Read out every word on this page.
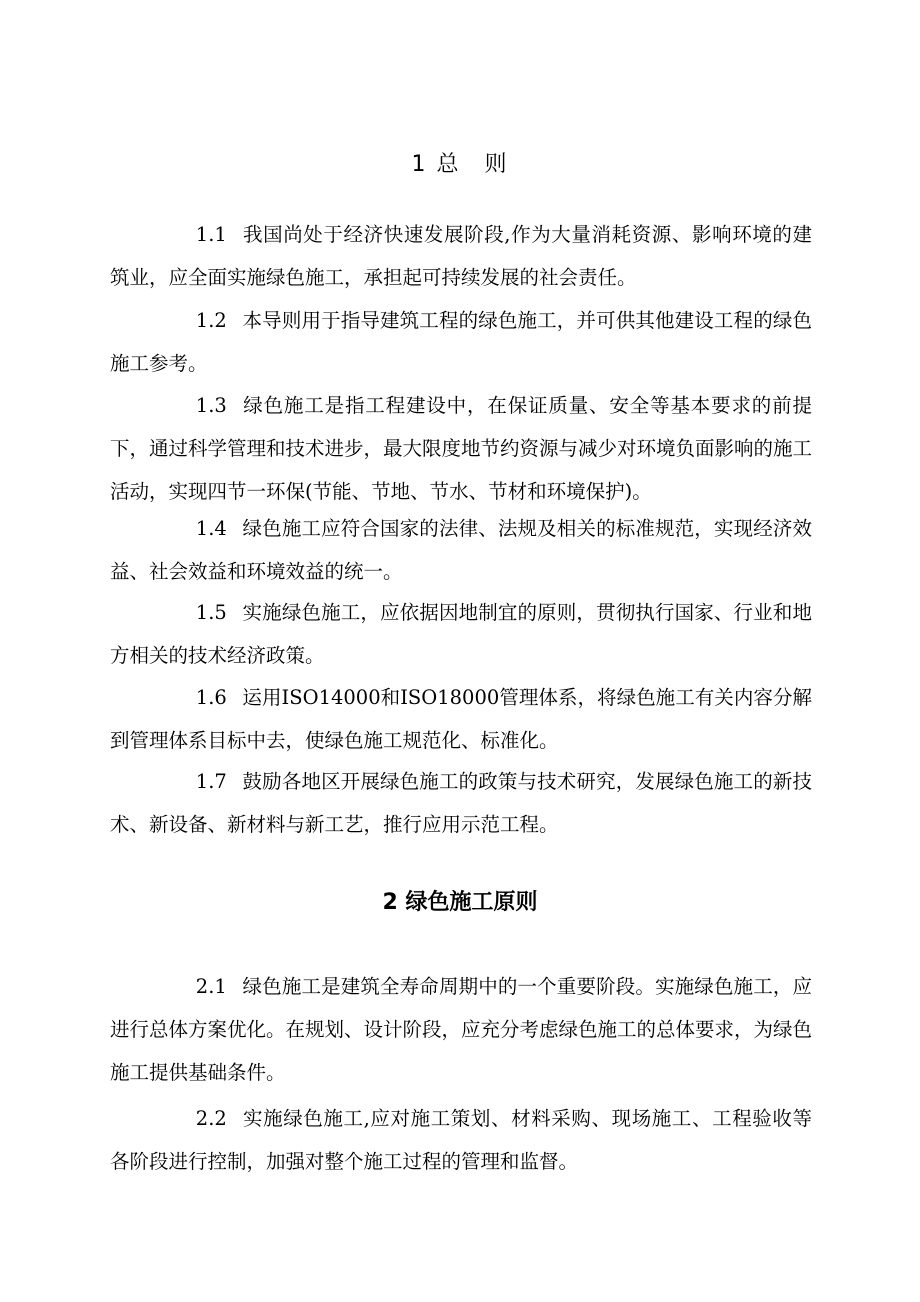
1 总　则

1.1 我国尚处于经济快速发展阶段,作为大量消耗资源、影响环境的建筑业，应全面实施绿色施工，承担起可持续发展的社会责任。

1.2 本导则用于指导建筑工程的绿色施工，并可供其他建设工程的绿色施工参考。

1.3 绿色施工是指工程建设中，在保证质量、安全等基本要求的前提下，通过科学管理和技术进步，最大限度地节约资源与减少对环境负面影响的施工活动，实现四节一环保(节能、节地、节水、节材和环境保护)。

1.4 绿色施工应符合国家的法律、法规及相关的标准规范，实现经济效益、社会效益和环境效益的统一。

1.5 实施绿色施工，应依据因地制宜的原则，贯彻执行国家、行业和地方相关的技术经济政策。

1.6 运用ISO14000和ISO18000管理体系，将绿色施工有关内容分解到管理体系目标中去，使绿色施工规范化、标准化。

1.7 鼓励各地区开展绿色施工的政策与技术研究，发展绿色施工的新技术、新设备、新材料与新工艺，推行应用示范工程。

2 绿色施工原则

2.1 绿色施工是建筑全寿命周期中的一个重要阶段。实施绿色施工，应进行总体方案优化。在规划、设计阶段，应充分考虑绿色施工的总体要求，为绿色施工提供基础条件。

2.2 实施绿色施工,应对施工策划、材料采购、现场施工、工程验收等各阶段进行控制，加强对整个施工过程的管理和监督。
